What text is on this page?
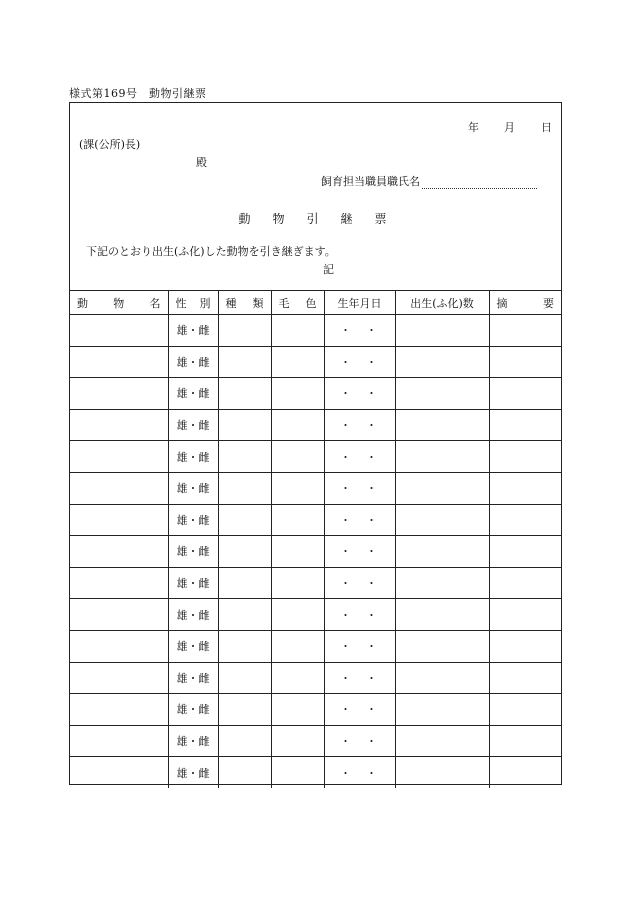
様式第169号　動物引継票
年 月 日
(課(公所)長)
殿
飼育担当職員職氏名
動物引継票
下記のとおり出生(ふ化)した動物を引き継ぎます。
記
動 物 名	性 別	種 類	毛 色	生年月日	出生(ふ化)数	摘 要

	雄・雌			・　・		
	雄・雌			・　・		
	雄・雌			・　・		
	雄・雌			・　・		
	雄・雌			・　・		
	雄・雌			・　・		
	雄・雌			・　・		
	雄・雌			・　・		
	雄・雌			・　・		
	雄・雌			・　・		
	雄・雌			・　・		
	雄・雌			・　・		
	雄・雌			・　・		
	雄・雌			・　・		
	雄・雌			・　・		
